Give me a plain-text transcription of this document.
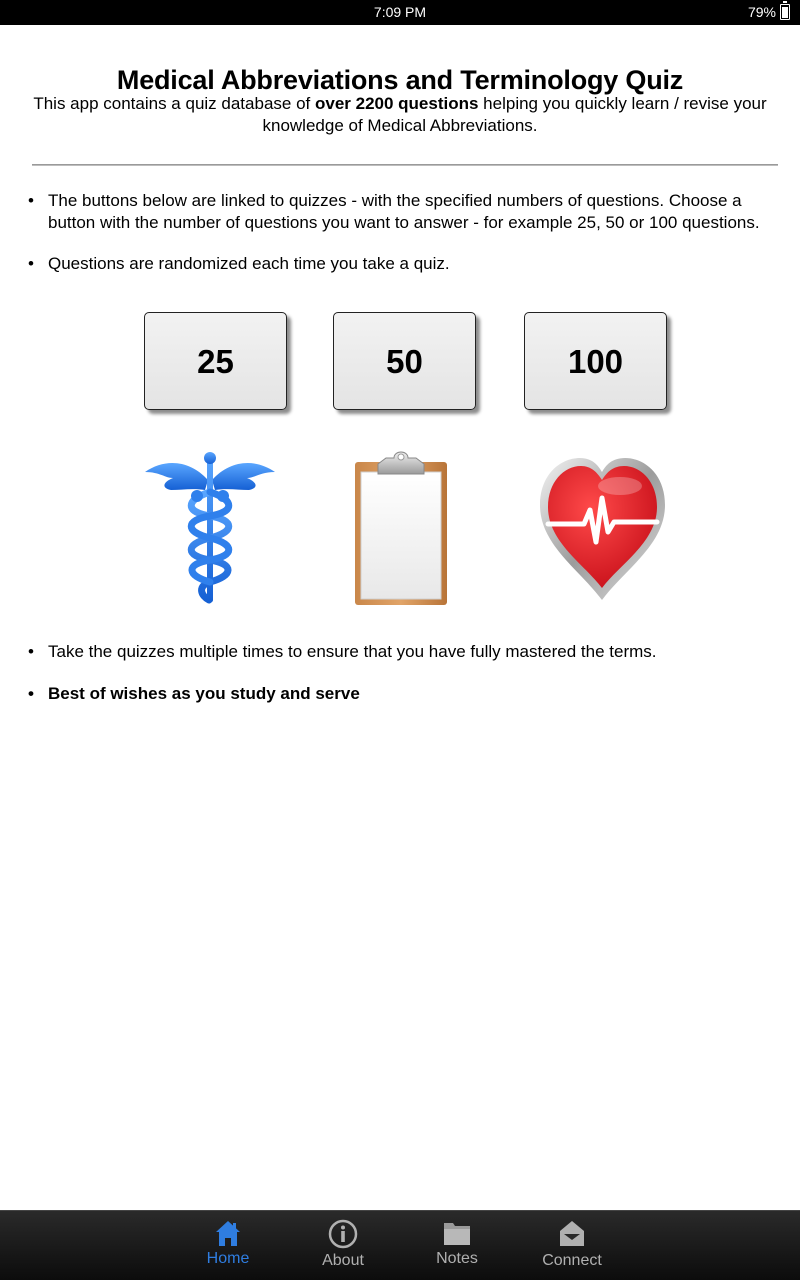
7:09 PM	79%
Medical Abbreviations and Terminology Quiz
This app contains a quiz database of over 2200 questions helping you quickly learn / revise your knowledge of Medical Abbreviations.
• The buttons below are linked to quizzes - with the specified numbers of questions. Choose a button with the number of questions you want to answer - for example 25, 50 or 100 questions.
• Questions are randomized each time you take a quiz.
25	50	100
• Take the quizzes multiple times to ensure that you have fully mastered the terms.
• Best of wishes as you study and serve
Home	About	Notes	Connect
